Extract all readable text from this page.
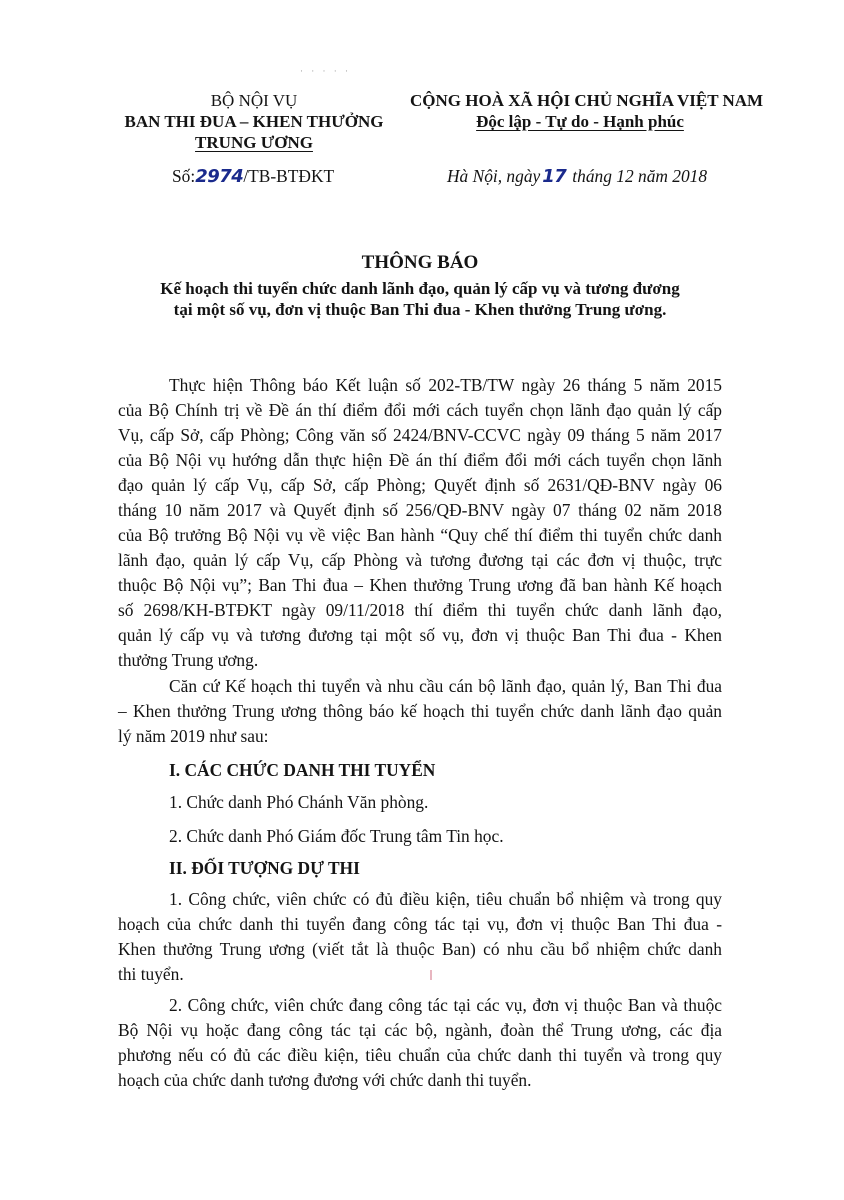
· · · · ·
BỘ NỘI VỤ
BAN THI ĐUA – KHEN THƯỞNG
TRUNG ƯƠNG
Số:2974/TB-BTĐKT
CỘNG HOÀ XÃ HỘI CHỦ NGHĨA VIỆT NAM
Độc lập - Tự do - Hạnh phúc
Hà Nội, ngày 17 tháng 12 năm 2018
THÔNG BÁO
Kế hoạch thi tuyển chức danh lãnh đạo, quản lý cấp vụ và tương đương
tại một số vụ, đơn vị thuộc Ban Thi đua - Khen thưởng Trung ương.
Thực hiện Thông báo Kết luận số 202-TB/TW ngày 26 tháng 5 năm 2015
của Bộ Chính trị về Đề án thí điểm đổi mới cách tuyển chọn lãnh đạo quản lý cấp
Vụ, cấp Sở, cấp Phòng; Công văn số 2424/BNV-CCVC ngày 09 tháng 5 năm 2017
của Bộ Nội vụ hướng dẫn thực hiện Đề án thí điểm đổi mới cách tuyển chọn lãnh
đạo quản lý cấp Vụ, cấp Sở, cấp Phòng; Quyết định số 2631/QĐ-BNV ngày 06
tháng 10 năm 2017 và Quyết định số 256/QĐ-BNV ngày 07 tháng 02 năm 2018
của Bộ trưởng Bộ Nội vụ về việc Ban hành “Quy chế thí điểm thi tuyển chức danh
lãnh đạo, quản lý cấp Vụ, cấp Phòng và tương đương tại các đơn vị thuộc, trực
thuộc Bộ Nội vụ”; Ban Thi đua – Khen thưởng Trung ương đã ban hành Kế hoạch
số 2698/KH-BTĐKT ngày 09/11/2018 thí điểm thi tuyển chức danh lãnh đạo,
quản lý cấp vụ và tương đương tại một số vụ, đơn vị thuộc Ban Thi đua - Khen
thưởng Trung ương.
Căn cứ Kế hoạch thi tuyển và nhu cầu cán bộ lãnh đạo, quản lý, Ban Thi đua
– Khen thưởng Trung ương thông báo kế hoạch thi tuyển chức danh lãnh đạo quản
lý năm 2019 như sau:
I. CÁC CHỨC DANH THI TUYỂN
1. Chức danh Phó Chánh Văn phòng.
2. Chức danh Phó Giám đốc Trung tâm Tin học.
II. ĐỐI TƯỢNG DỰ THI
1. Công chức, viên chức có đủ điều kiện, tiêu chuẩn bổ nhiệm và trong quy
hoạch của chức danh thi tuyển đang công tác tại vụ, đơn vị thuộc Ban Thi đua -
Khen thưởng Trung ương (viết tắt là thuộc Ban) có nhu cầu bổ nhiệm chức danh
thi tuyển.
2. Công chức, viên chức đang công tác tại các vụ, đơn vị thuộc Ban và thuộc
Bộ Nội vụ hoặc đang công tác tại các bộ, ngành, đoàn thể Trung ương, các địa
phương nếu có đủ các điều kiện, tiêu chuẩn của chức danh thi tuyển và trong quy
hoạch của chức danh tương đương với chức danh thi tuyển.
